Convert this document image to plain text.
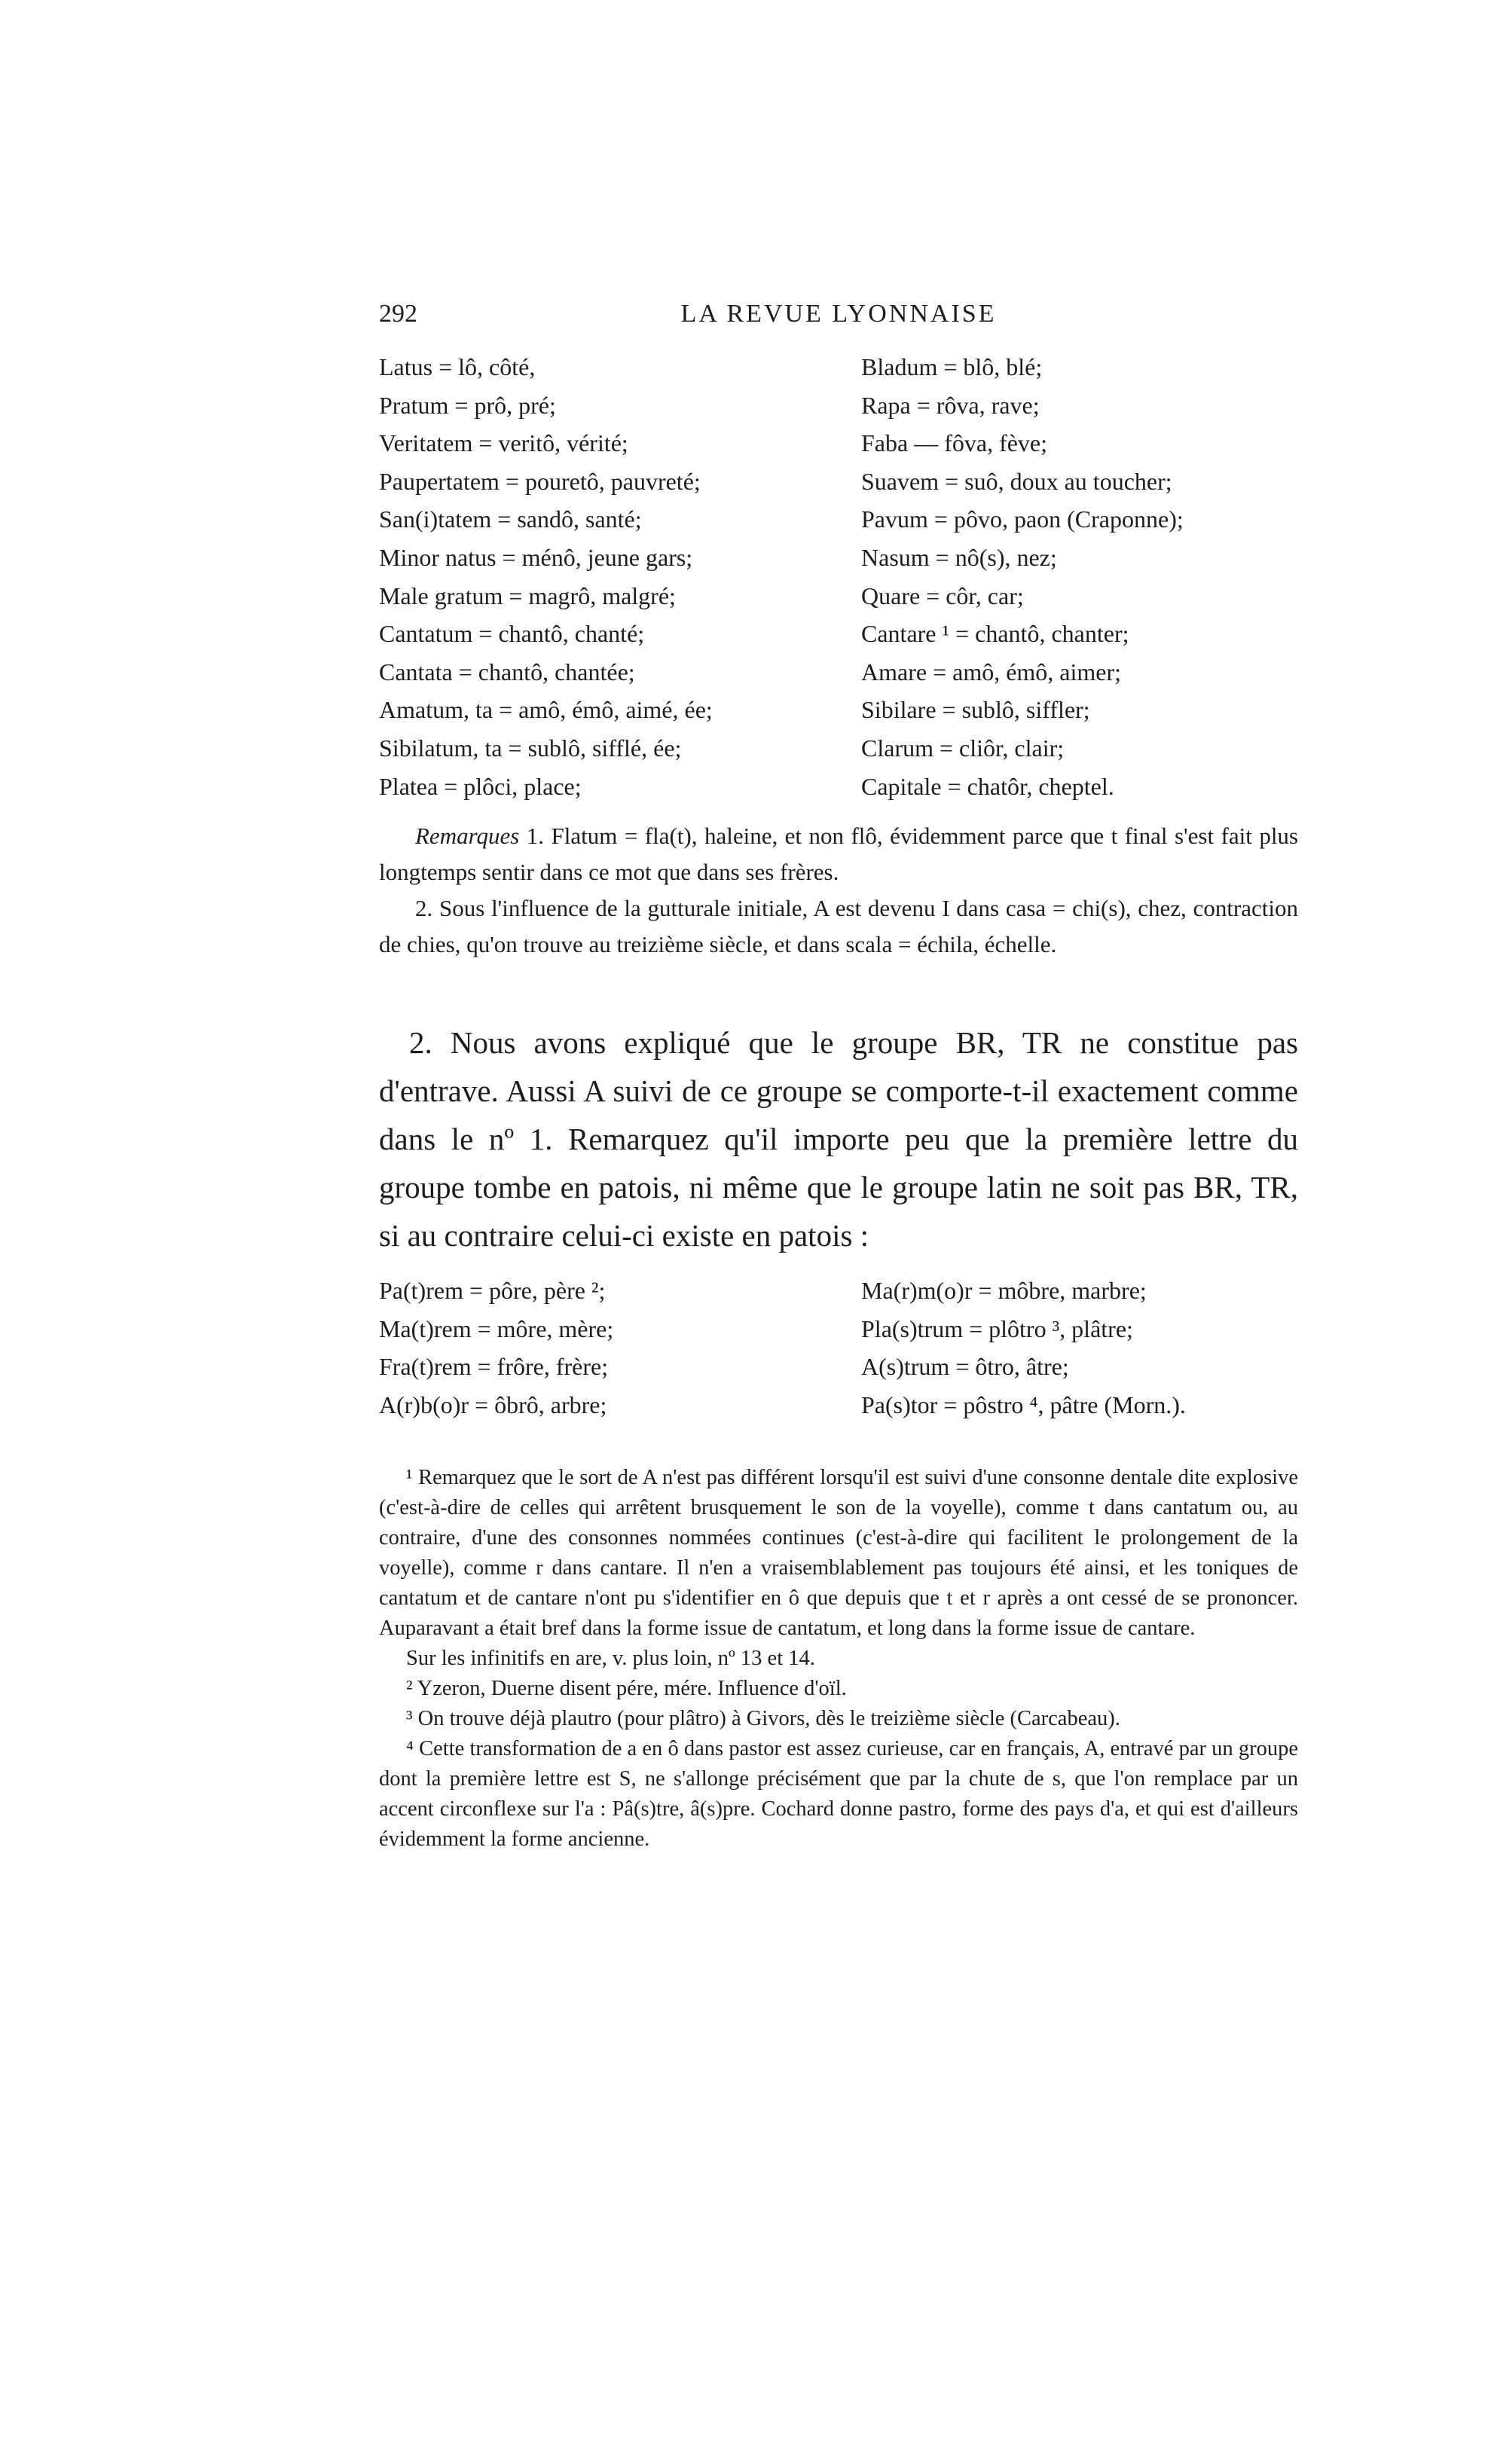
292	LA REVUE LYONNAISE
Latus = lô, côté,
Pratum = prô, pré;
Veritatem = veritô, vérité;
Paupertatem = pouretô, pauvreté;
San(i)tatem = sandô, santé;
Minor natus = ménô, jeune gars;
Male gratum = magrô, malgré;
Cantatum = chantô, chanté;
Cantata = chantô, chantée;
Amatum, ta = amô, émô, aimé, ée;
Sibilatum, ta = sublô, sifflé, ée;
Platea = plôci, place;
Bladum = blô, blé;
Rapa = rôva, rave;
Faba — fôva, fève;
Suavem = suô, doux au toucher;
Pavum = pôvo, paon (Craponne);
Nasum = nô(s), nez;
Quare = côr, car;
Cantare ¹ = chantô, chanter;
Amare = amô, émô, aimer;
Sibilare = sublô, siffler;
Clarum = cliôr, clair;
Capitale = chatôr, cheptel.

Remarques 1. Flatum = fla(t), haleine, et non flô, évidemment parce que t final s'est fait plus longtemps sentir dans ce mot que dans ses frères.

2. Sous l'influence de la gutturale initiale, A est devenu I dans casa = chi(s), chez, contraction de chies, qu'on trouve au treizième siècle, et dans scala = échila, échelle.

2. Nous avons expliqué que le groupe BR, TR ne constitue pas d'entrave. Aussi A suivi de ce groupe se comporte-t-il exactement comme dans le nº 1. Remarquez qu'il importe peu que la première lettre du groupe tombe en patois, ni même que le groupe latin ne soit pas BR, TR, si au contraire celui-ci existe en patois :

Pa(t)rem = pôre, père ²;
Ma(t)rem = môre, mère;
Fra(t)rem = frôre, frère;
A(r)b(o)r = ôbrô, arbre;
Ma(r)m(o)r = môbre, marbre;
Pla(s)trum = plôtro ³, plâtre;
A(s)trum = ôtro, âtre;
Pa(s)tor = pôstro ⁴, pâtre (Morn.).

¹ Remarquez que le sort de A n'est pas différent lorsqu'il est suivi d'une consonne dentale dite explosive (c'est-à-dire de celles qui arrêtent brusquement le son de la voyelle), comme t dans cantatum ou, au contraire, d'une des consonnes nommées continues (c'est-à-dire qui facilitent le prolongement de la voyelle), comme r dans cantare. Il n'en a vraisemblablement pas toujours été ainsi, et les toniques de cantatum et de cantare n'ont pu s'identifier en ô que depuis que t et r après a ont cessé de se prononcer. Auparavant a était bref dans la forme issue de cantatum, et long dans la forme issue de cantare.

Sur les infinitifs en are, v. plus loin, nº 13 et 14.

² Yzeron, Duerne disent pére, mére. Influence d'oïl.

³ On trouve déjà plautro (pour plâtro) à Givors, dès le treizième siècle (Carcabeau).

⁴ Cette transformation de a en ô dans pastor est assez curieuse, car en français, A, entravé par un groupe dont la première lettre est S, ne s'allonge précisément que par la chute de s, que l'on remplace par un accent circonflexe sur l'a : Pâ(s)tre, â(s)pre. Cochard donne pastro, forme des pays d'a, et qui est d'ailleurs évidemment la forme ancienne.
